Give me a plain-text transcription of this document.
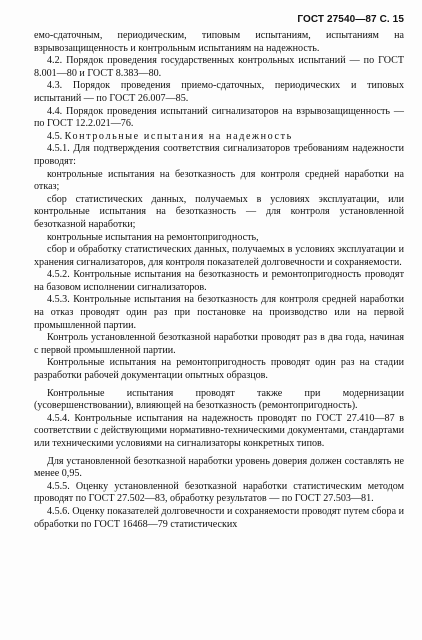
ГОСТ 27540—87 С. 15

емо-сдаточным, периодическим, типовым испытаниям, испытаниям на взрывозащищенность и контрольным испытаниям на надежность.

4.2. Порядок проведения государственных контрольных испытаний — по ГОСТ 8.001—80 и ГОСТ 8.383—80.

4.3. Порядок проведения приемо-сдаточных, периодических и типовых испытаний — по ГОСТ 26.007—85.

4.4. Порядок проведения испытаний сигнализаторов на взрывозащищенность — по ГОСТ 12.2.021—76.

4.5. Контрольные испытания на надежность

4.5.1. Для подтверждения соответствия сигнализаторов требованиям надежности проводят:

контрольные испытания на безотказность для контроля средней наработки на отказ;

сбор статистических данных, получаемых в условиях эксплуатации, или контрольные испытания на безотказность — для контроля установленной безотказной наработки;

контрольные испытания на ремонтопригодность,

сбор и обработку статистических данных, получаемых в условиях эксплуатации и хранения сигнализаторов, для контроля показателей долговечности и сохраняемости.

4.5.2. Контрольные испытания на безотказность и ремонтопригодность проводят на базовом исполнении сигнализаторов.

4.5.3. Контрольные испытания на безотказность для контроля средней наработки на отказ проводят один раз при постановке на производство или на первой промышленной партии.

Контроль установленной безотказной наработки проводят раз в два года, начиная с первой промышленной партии.

Контрольные испытания на ремонтопригодность проводят один раз на стадии разработки рабочей документации опытных образцов.

Контрольные испытания проводят также при модернизации (усовершенствовании), влияющей на безотказность (ремонтопригодность).

4.5.4. Контрольные испытания на надежность проводят по ГОСТ 27.410—87 в соответствии с действующими нормативно-техническими документами, стандартами или техническими условиями на сигнализаторы конкретных типов.

Для установленной безотказной наработки уровень доверия должен составлять не менее 0,95.

4.5.5. Оценку установленной безотказной наработки статистическим методом проводят по ГОСТ 27.502—83, обработку результатов — по ГОСТ 27.503—81.

4.5.6. Оценку показателей долговечности и сохраняемости проводят путем сбора и обработки по ГОСТ 16468—79 статистических
